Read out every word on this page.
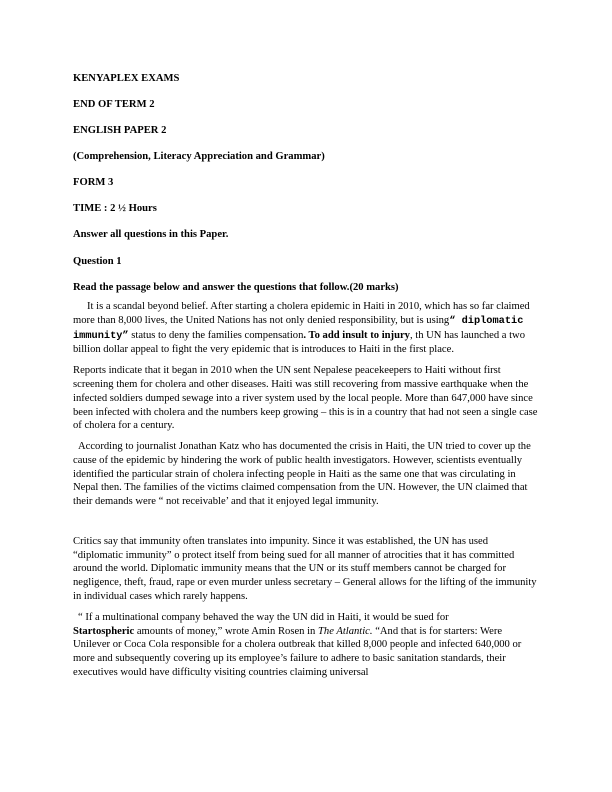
KENYAPLEX EXAMS
END OF TERM 2
ENGLISH PAPER 2
(Comprehension, Literacy Appreciation and Grammar)
FORM 3
TIME : 2 ½ Hours
Answer all questions in this Paper.
Question 1
Read the passage below and answer the questions that follow.(20 marks)

It is a scandal beyond belief. After starting a cholera epidemic in Haiti in 2010, which has so far claimed more than 8,000 lives, the United Nations has not only denied responsibility, but is using“ diplomatic immunity” status to deny the families compensation. To add insult to injury, th UN has launched a two billion dollar appeal to fight the very epidemic that is introduces to Haiti in the first place.

Reports indicate that it began in 2010 when the UN sent Nepalese peacekeepers to Haiti without first screening them for cholera and other diseases. Haiti was still recovering from massive earthquake when the infected soldiers dumped sewage into a river system used by the local people. More than 647,000 have since been infected with cholera and the numbers keep growing – this is in a country that had not seen a single case of cholera for a century.

According to journalist Jonathan Katz who has documented the crisis in Haiti, the UN tried to cover up the cause of the epidemic by hindering the work of public health investigators. However, scientists eventually identified the particular strain of cholera infecting people in Haiti as the same one that was circulating in Nepal then. The families of the victims claimed compensation from the UN. However, the UN claimed that their demands were “ not receivable’ and that it enjoyed legal immunity.

Critics say that immunity often translates into impunity. Since it was established, the UN has used “diplomatic immunity” o protect itself from being sued for all manner of atrocities that it has committed around the world. Diplomatic immunity means that the UN or its stuff members cannot be charged for negligence, theft, fraud, rape or even murder unless secretary – General allows for the lifting of the immunity in individual cases which rarely happens.

“ If a multinational company behaved the way the UN did in Haiti, it would be sued for
Startospheric amounts of money,” wrote Amin Rosen in The Atlantic. “And that is for starters: Were Unilever or Coca Cola responsible for a cholera outbreak that killed 8,000 people and infected 640,000 or more and subsequently covering up its employee’s failure to adhere to basic sanitation standards, their executives would have difficulty visiting countries claiming universal
